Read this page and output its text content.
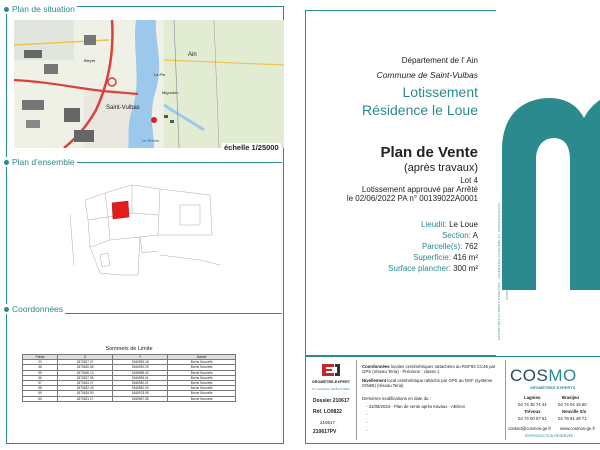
Plan de situation
Saint-Vulbas
Ain
La Pie
Le Rhône
Mignoton
Bléyre
échelle 1/25000
Plan d'ensemble
Coordonnées
Sommets de Limite
Points	X	Y	Nature
22	1870627.37	5166983.18	Borne Nouvelle
38	1870630.55	5166990.25	Borne Nouvelle
55	1870636.10	5166988.40	Borne Nouvelle
56	1870637.95	5166983.01	Borne Nouvelle
57	1870634.27	5166980.21	Borne Nouvelle
58	1870632.40	5166981.00	Borne Nouvelle
59	1870628.90	5166978.95	Borne Nouvelle
60	1870631.17	5166987.55	Borne Nouvelle
Département de l' Ain
Commune de Saint-Vulbas
Lotissement
Résidence le Loue
Plan de Vente
(après travaux)
Lot 4
Lotissement approuvé par Arrêté
le 02/06/2022 PA n° 00139022A0001
Lieudit: Le Loue
Section: A
Parcelle(s): 762
Superficie: 416 m²
Surface plancher: 300 m²	GÉOMÈTRES-EXPERTS ASSOCIÉS · INGÉNIERIE FONCIÈRE ET TOPOGRAPHIQUE
GÉOMÈTRE-EXPERT
N° inscription 2018 C2 0002
Dossier 210617
Réf. LO0822
210617
210617PV
Coordonnées locales centimétriques rattachées au RGF93 CC46 par GPS (réseau Teria) · Précision : classe 1
Nivellement local centimétrique rattaché par GPS au NGF (système IGN69) (réseau Teria)
Dernières modifications en date du :
- 31/08/2023 - Plan de vente après travaux - AB/revi
-
-
-
COSMO
GÉOMÈTRES EXPERTS
Lagnieu
04 74 35 74 44
Trévoux
04 74 00 07 61
Brasijeu
04 74 04 19 60
Neuville S/s
04 78 91 48 71
contact@cosmos-ge.fr www.cosmos-ge.fr
REPRODUCTION RÉSERVÉE
